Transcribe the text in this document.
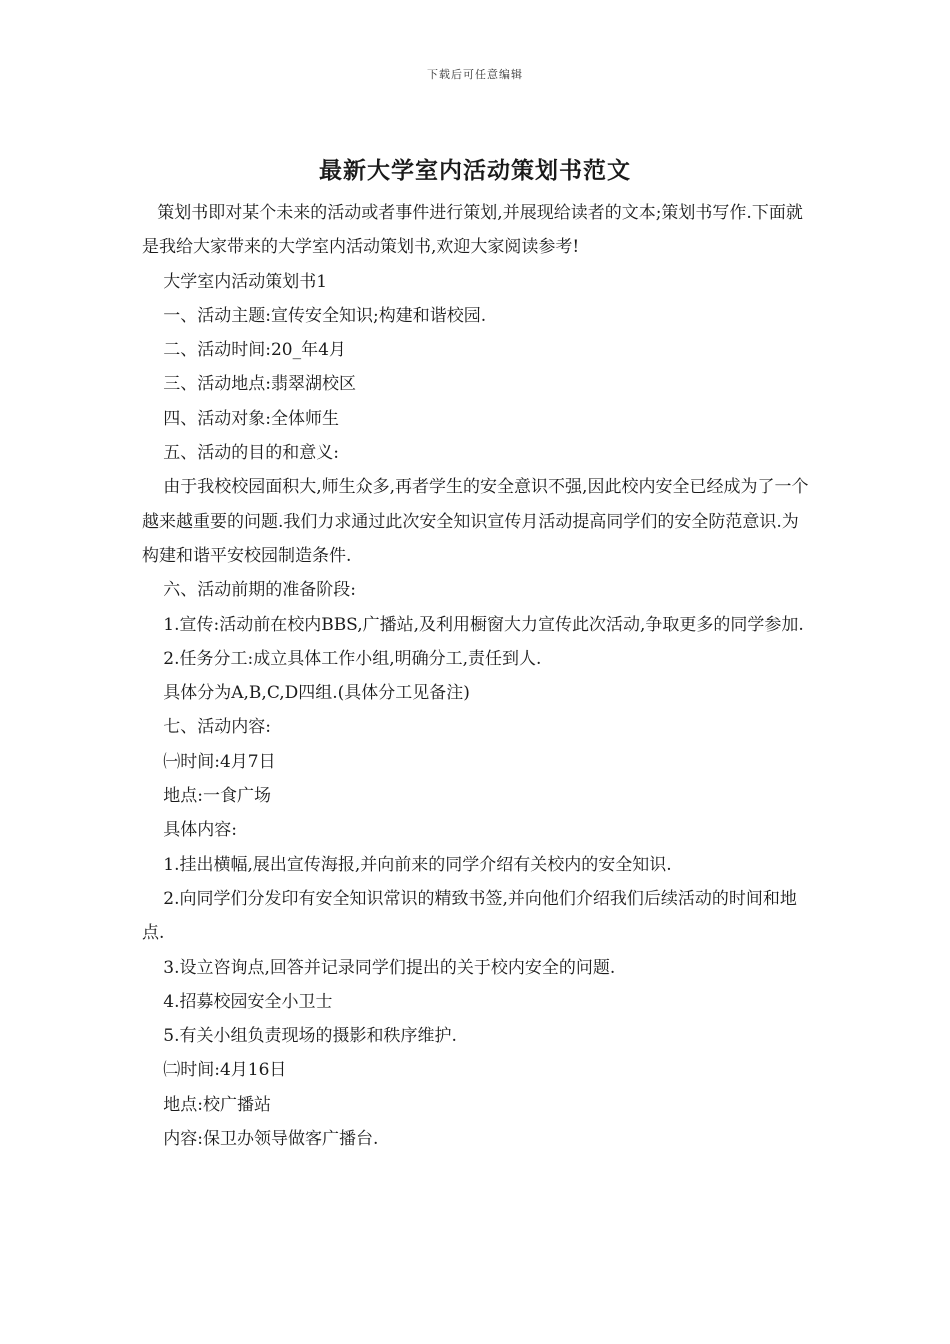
下载后可任意编辑
最新大学室内活动策划书范文

策划书即对某个未来的活动或者事件进行策划,并展现给读者的文本;策划书写作.下面就是我给大家带来的大学室内活动策划书,欢迎大家阅读参考!

大学室内活动策划书1

一、活动主题:宣传安全知识;构建和谐校园.

二、活动时间:20_年4月

三、活动地点:翡翠湖校区

四、活动对象:全体师生

五、活动的目的和意义:

由于我校校园面积大,师生众多,再者学生的安全意识不强,因此校内安全已经成为了一个越来越重要的问题.我们力求通过此次安全知识宣传月活动提高同学们的安全防范意识.为构建和谐平安校园制造条件.

六、活动前期的准备阶段:

1.宣传:活动前在校内BBS,广播站,及利用橱窗大力宣传此次活动,争取更多的同学参加.

2.任务分工:成立具体工作小组,明确分工,责任到人.

具体分为A,B,C,D四组.(具体分工见备注)

七、活动内容:

㈠时间:4月7日

地点:一食广场

具体内容:

1.挂出横幅,展出宣传海报,并向前来的同学介绍有关校内的安全知识.

2.向同学们分发印有安全知识常识的精致书签,并向他们介绍我们后续活动的时间和地点.

3.设立咨询点,回答并记录同学们提出的关于校内安全的问题.

4.招募校园安全小卫士

5.有关小组负责现场的摄影和秩序维护.

㈡时间:4月16日

地点:校广播站

内容:保卫办领导做客广播台.
